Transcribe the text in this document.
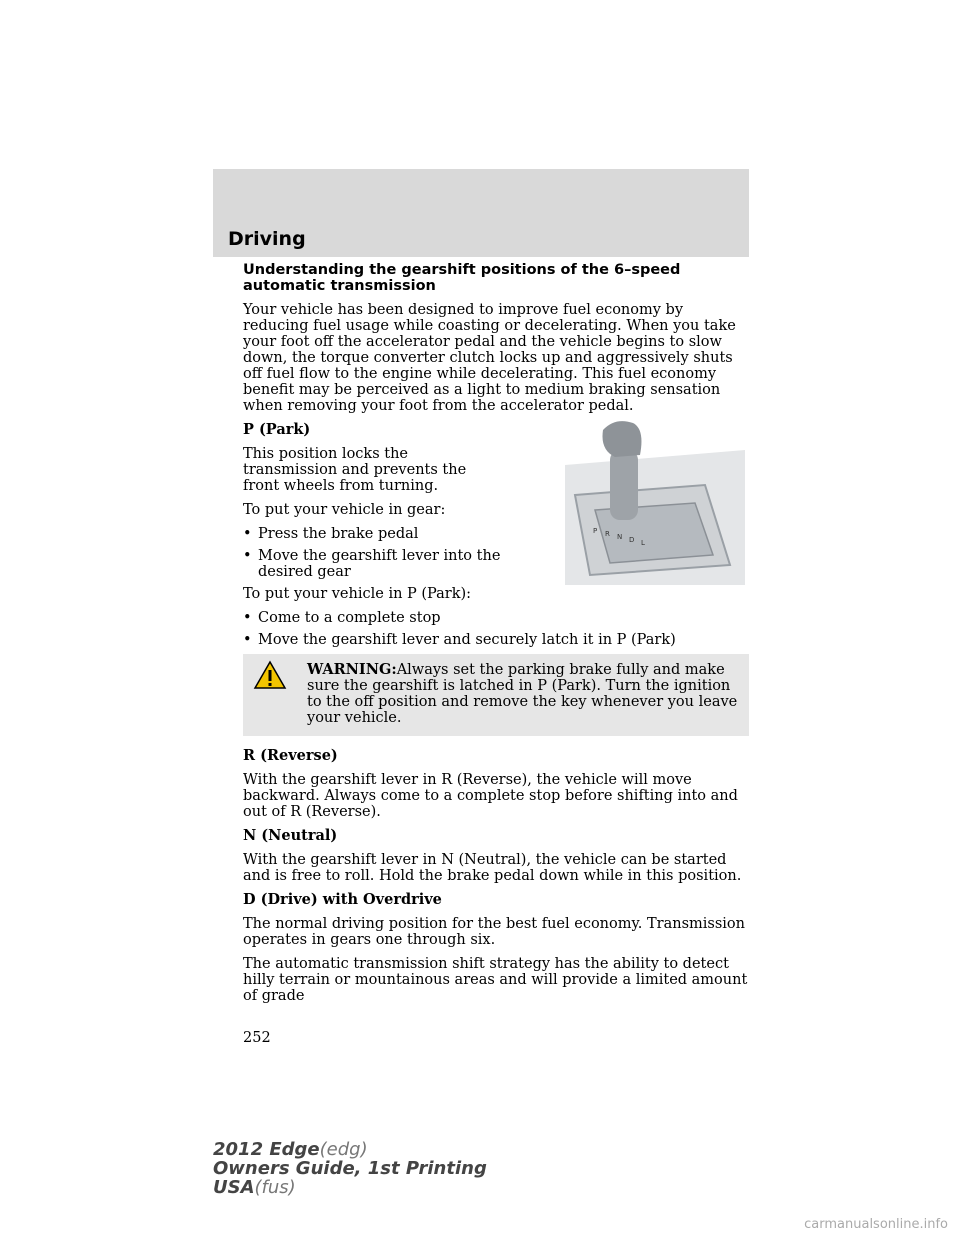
Driving
Understanding the gearshift positions of the 6–speed automatic transmission

Your vehicle has been designed to improve fuel economy by reducing fuel usage while coasting or decelerating. When you take your foot off the accelerator pedal and the vehicle begins to slow down, the torque converter clutch locks up and aggressively shuts off fuel flow to the engine while decelerating. This fuel economy benefit may be perceived as a light to medium braking sensation when removing your foot from the accelerator pedal.

P (Park)

This position locks the transmission and prevents the front wheels from turning.

To put your vehicle in gear:

• Press the brake pedal
• Move the gearshift lever into the desired gear

To put your vehicle in P (Park):

• Come to a complete stop
• Move the gearshift lever and securely latch it in P (Park)
WARNING:Always set the parking brake fully and make sure the gearshift is latched in P (Park). Turn the ignition to the off position and remove the key whenever you leave your vehicle.
R (Reverse)

With the gearshift lever in R (Reverse), the vehicle will move backward. Always come to a complete stop before shifting into and out of R (Reverse).

N (Neutral)

With the gearshift lever in N (Neutral), the vehicle can be started and is free to roll. Hold the brake pedal down while in this position.

D (Drive) with Overdrive

The normal driving position for the best fuel economy. Transmission operates in gears one through six.

The automatic transmission shift strategy has the ability to detect hilly terrain or mountainous areas and will provide a limited amount of grade

P R N D L
252
2012 Edge(edg)
Owners Guide, 1st Printing
USA(fus)
carmanualsonline.info
